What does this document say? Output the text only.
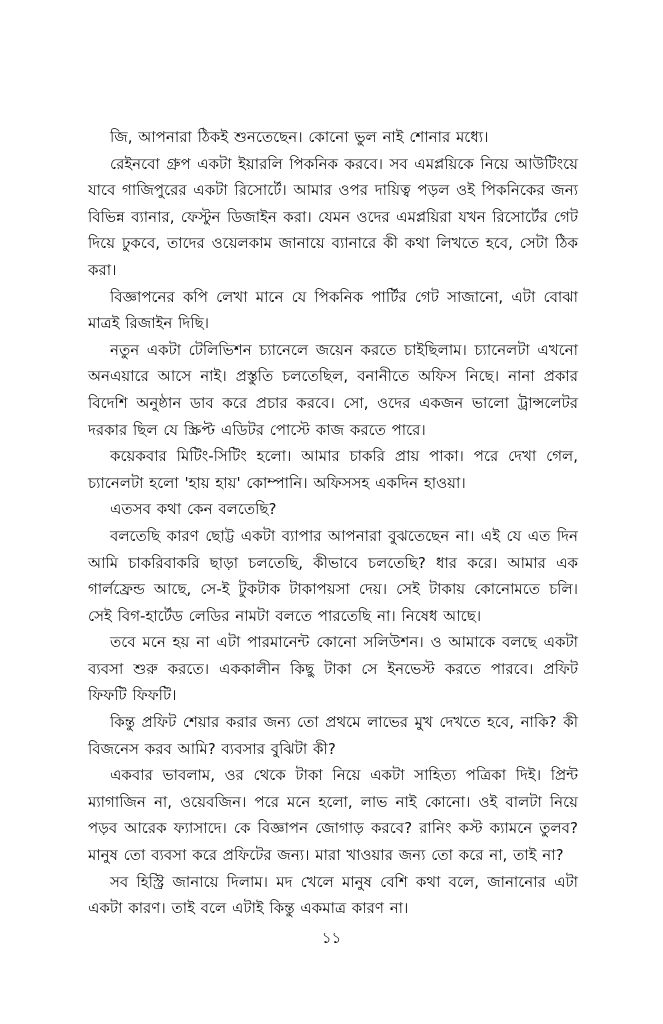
জি, আপনারা ঠিকই শুনতেছেন। কোনো ভুল নাই শোনার মধ্যে।

রেইনবো গ্রুপ একটা ইয়ারলি পিকনিক করবে। সব এমপ্লয়িকে নিয়ে আউটিংয়ে যাবে গাজিপুরের একটা রিসোর্টে। আমার ওপর দায়িত্ব পড়ল ওই পিকনিকের জন্য বিভিন্ন ব্যানার, ফেস্টুন ডিজাইন করা। যেমন ওদের এমপ্লয়িরা যখন রিসোর্টের গেট দিয়ে ঢুকবে, তাদের ওয়েলকাম জানায়ে ব্যানারে কী কথা লিখতে হবে, সেটা ঠিক করা।

বিজ্ঞাপনের কপি লেখা মানে যে পিকনিক পার্টির গেট সাজানো, এটা বোঝা মাত্রই রিজাইন দিছি।

নতুন একটা টেলিভিশন চ্যানেলে জয়েন করতে চাইছিলাম। চ্যানেলটা এখনো অনএয়ারে আসে নাই। প্রস্তুতি চলতেছিল, বনানীতে অফিস নিছে। নানা প্রকার বিদেশি অনুষ্ঠান ডাব করে প্রচার করবে। সো, ওদের একজন ভালো ট্রান্সলেটর দরকার ছিল যে স্ক্রিপ্ট এডিটর পোস্টে কাজ করতে পারে।

কয়েকবার মিটিং-সিটিং হলো। আমার চাকরি প্রায় পাকা। পরে দেখা গেল, চ্যানেলটা হলো 'হায় হায়' কোম্পানি। অফিসসহ একদিন হাওয়া।

এতসব কথা কেন বলতেছি?

বলতেছি কারণ ছোট্ট একটা ব্যাপার আপনারা বুঝতেছেন না। এই যে এত দিন আমি চাকরিবাকরি ছাড়া চলতেছি, কীভাবে চলতেছি? ধার করে। আমার এক গার্লফ্রেন্ড আছে, সে-ই টুকটাক টাকাপয়সা দেয়। সেই টাকায় কোনোমতে চলি। সেই বিগ-হার্টেড লেডির নামটা বলতে পারতেছি না। নিষেধ আছে।

তবে মনে হয় না এটা পারমানেন্ট কোনো সলিউশন। ও আমাকে বলছে একটা ব্যবসা শুরু করতে। এককালীন কিছু টাকা সে ইনভেস্ট করতে পারবে। প্রফিট ফিফটি ফিফটি।

কিন্তু প্রফিট শেয়ার করার জন্য তো প্রথমে লাভের মুখ দেখতে হবে, নাকি? কী বিজনেস করব আমি? ব্যবসার বুঝিটা কী?

একবার ভাবলাম, ওর থেকে টাকা নিয়ে একটা সাহিত্য পত্রিকা দিই। প্রিন্ট ম্যাগাজিন না, ওয়েবজিন। পরে মনে হলো, লাভ নাই কোনো। ওই বালটা নিয়ে পড়ব আরেক ফ্যাসাদে। কে বিজ্ঞাপন জোগাড় করবে? রানিং কস্ট ক্যামনে তুলব? মানুষ তো ব্যবসা করে প্রফিটের জন্য। মারা খাওয়ার জন্য তো করে না, তাই না?

সব হিস্ট্রি জানায়ে দিলাম। মদ খেলে মানুষ বেশি কথা বলে, জানানোর এটা একটা কারণ। তাই বলে এটাই কিন্তু একমাত্র কারণ না।

১১
